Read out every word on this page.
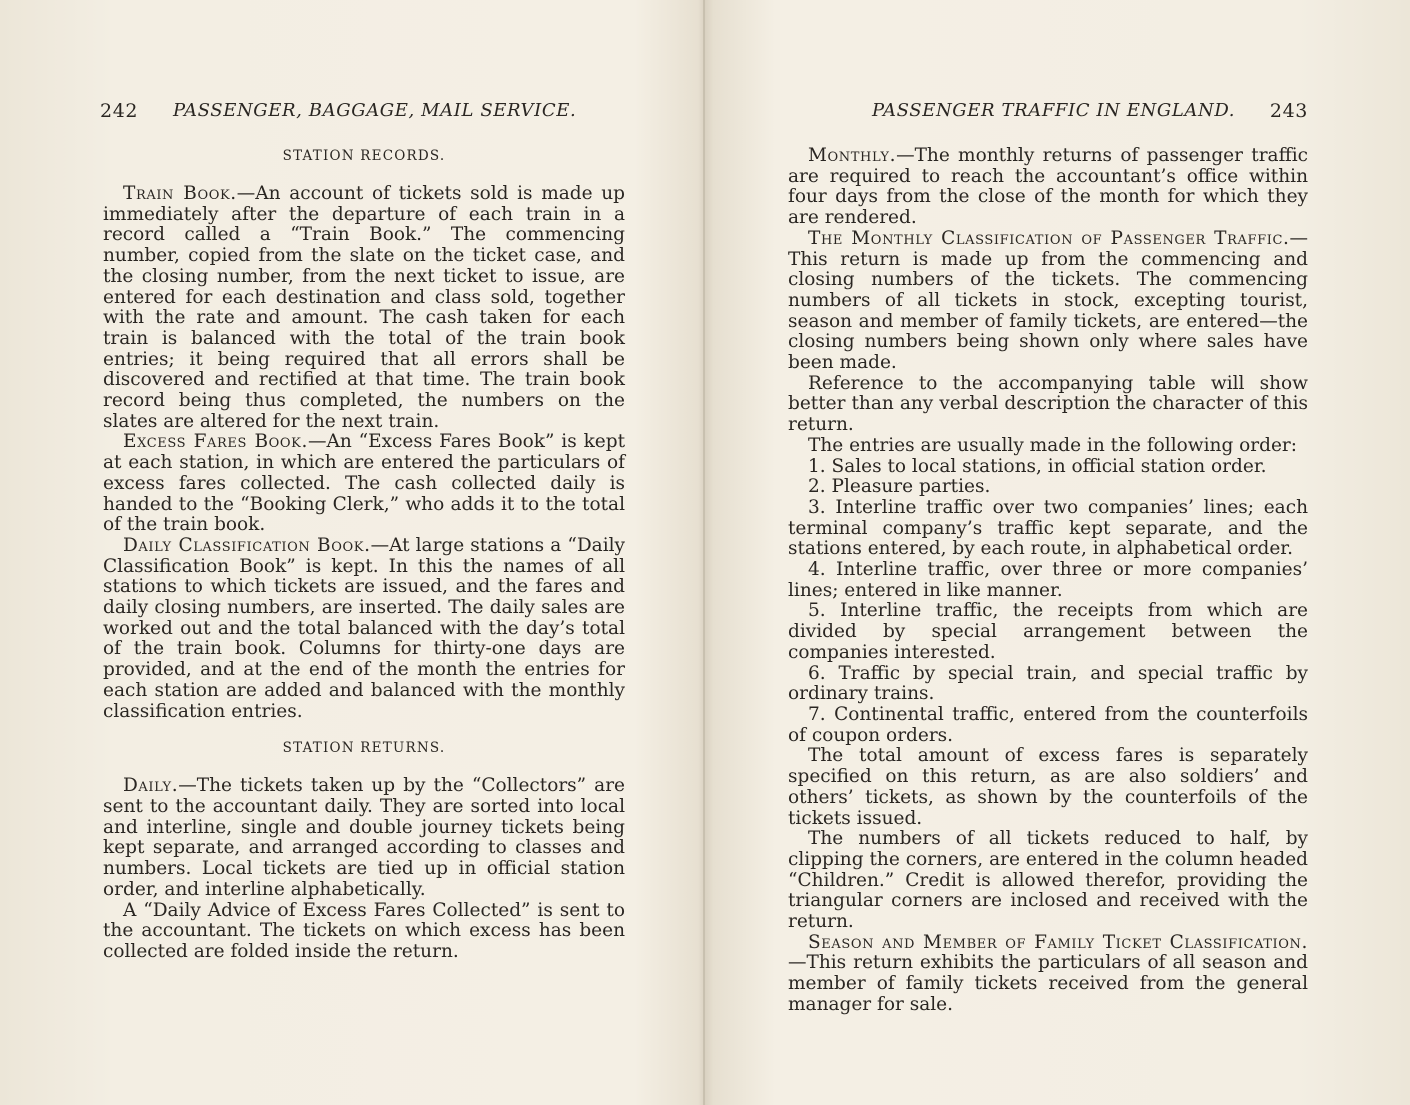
242 PASSENGER, BAGGAGE, MAIL SERVICE.
STATION RECORDS.

Train Book.—An account of tickets sold is made up immediately after the departure of each train in a record called a “Train Book.” The commencing number, copied from the slate on the ticket case, and the closing number, from the next ticket to issue, are entered for each destination and class sold, together with the rate and amount. The cash taken for each train is balanced with the total of the train book entries; it being required that all errors shall be discovered and rectified at that time. The train book record being thus completed, the numbers on the slates are altered for the next train.

Excess Fares Book.—An “Excess Fares Book” is kept at each station, in which are entered the particulars of excess fares collected. The cash collected daily is handed to the “Booking Clerk,” who adds it to the total of the train book.

Daily Classification Book.—At large stations a “Daily Classification Book” is kept. In this the names of all stations to which tickets are issued, and the fares and daily closing numbers, are inserted. The daily sales are worked out and the total balanced with the day’s total of the train book. Columns for thirty-one days are provided, and at the end of the month the entries for each station are added and balanced with the monthly classification entries.

STATION RETURNS.

Daily.—The tickets taken up by the “Collectors” are sent to the accountant daily. They are sorted into local and interline, single and double journey tickets being kept separate, and arranged according to classes and numbers. Local tickets are tied up in official station order, and interline alphabetically.

A “Daily Advice of Excess Fares Collected” is sent to the accountant. The tickets on which excess has been collected are folded inside the return.

PASSENGER TRAFFIC IN ENGLAND. 243

Monthly.—The monthly returns of passenger traffic are required to reach the accountant’s office within four days from the close of the month for which they are rendered.

The Monthly Classification of Passenger Traffic.—This return is made up from the commencing and closing numbers of the tickets. The commencing numbers of all tickets in stock, excepting tourist, season and member of family tickets, are entered—the closing numbers being shown only where sales have been made.

Reference to the accompanying table will show better than any verbal description the character of this return.

The entries are usually made in the following order:

1. Sales to local stations, in official station order.

2. Pleasure parties.

3. Interline traffic over two companies’ lines; each terminal company’s traffic kept separate, and the stations entered, by each route, in alphabetical order.

4. Interline traffic, over three or more companies’ lines; entered in like manner.

5. Interline traffic, the receipts from which are divided by special arrangement between the companies interested.

6. Traffic by special train, and special traffic by ordinary trains.

7. Continental traffic, entered from the counterfoils of coupon orders.

The total amount of excess fares is separately specified on this return, as are also soldiers’ and others’ tickets, as shown by the counterfoils of the tickets issued.

The numbers of all tickets reduced to half, by clipping the corners, are entered in the column headed “Children.” Credit is allowed therefor, providing the triangular corners are inclosed and received with the return.

Season and Member of Family Ticket Classification.—This return exhibits the particulars of all season and member of family tickets received from the general manager for sale.
